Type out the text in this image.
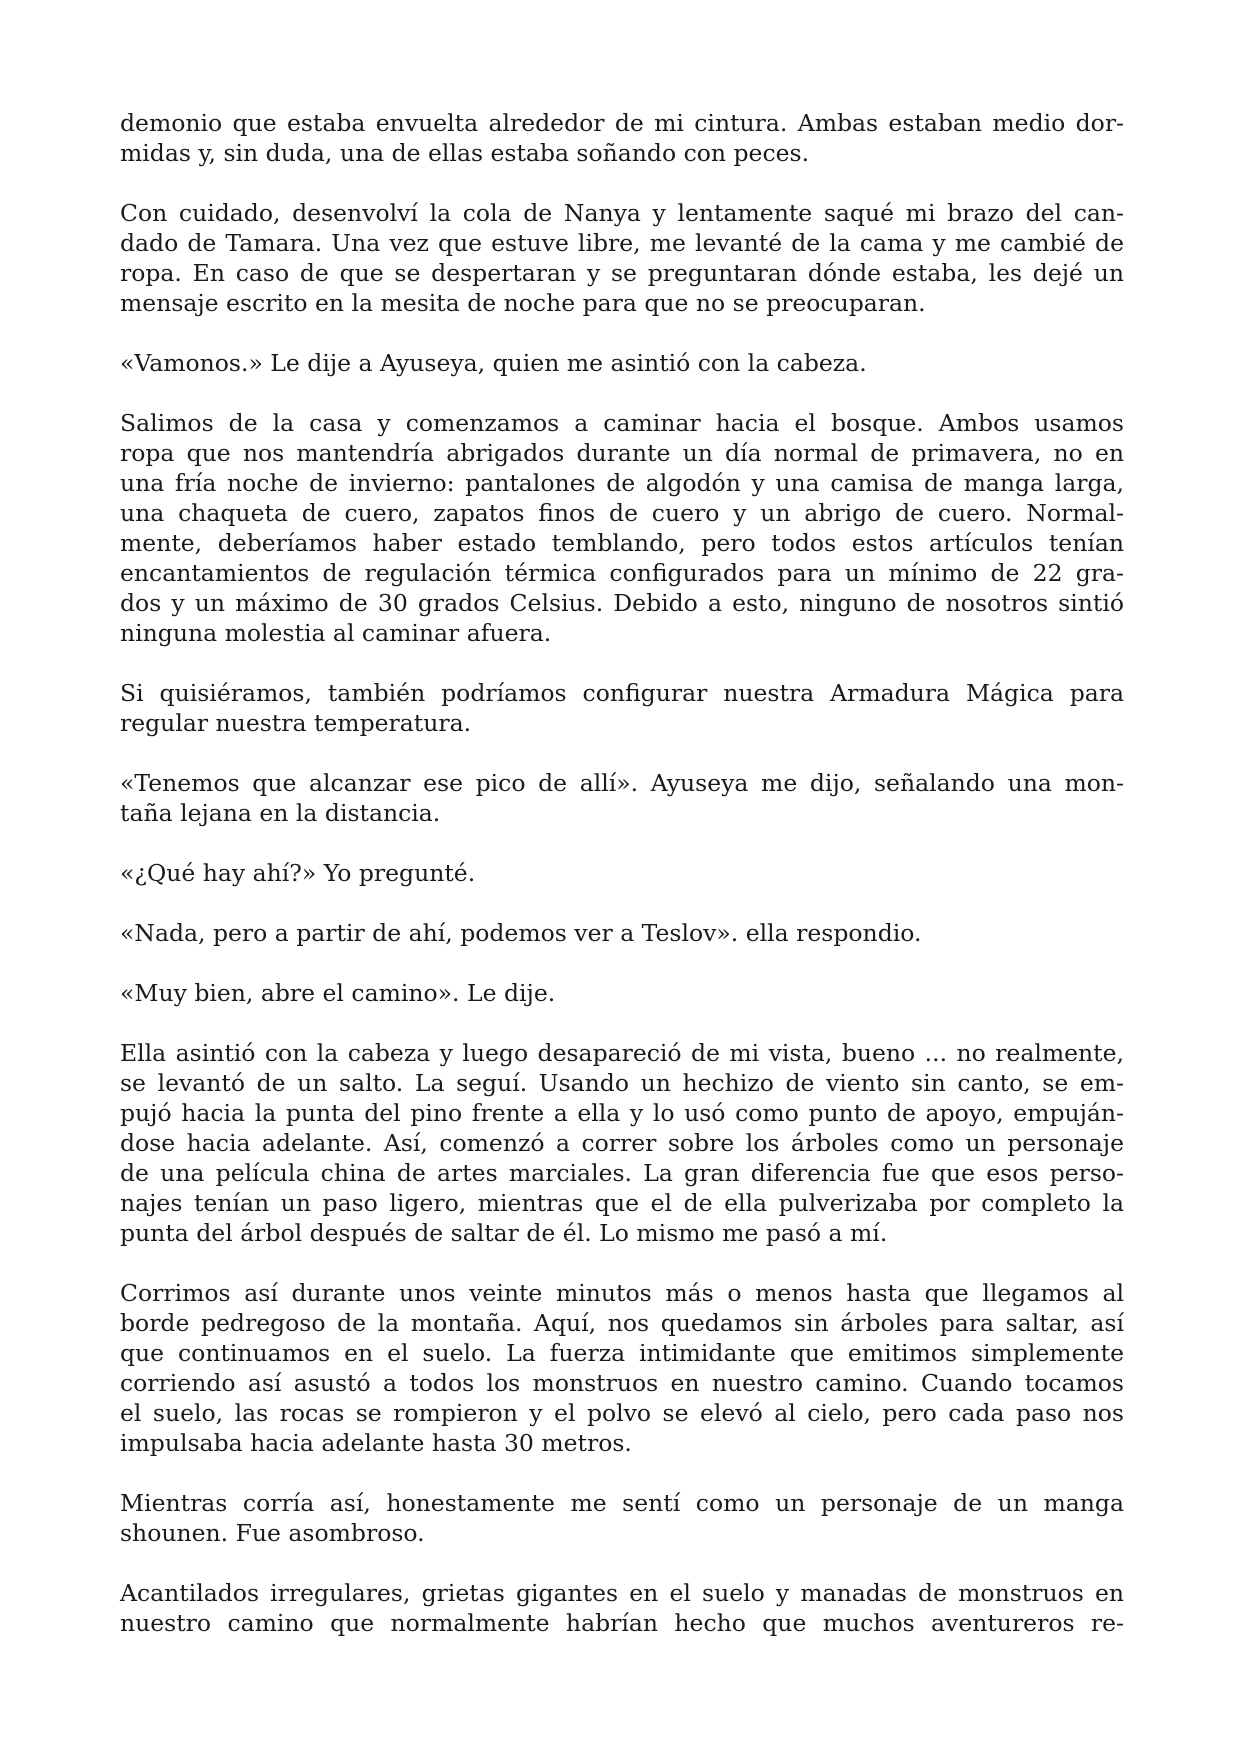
demonio que estaba envuelta alrededor de mi cintura. Ambas estaban medio dor-
midas y, sin duda, una de ellas estaba soñando con peces.
Con cuidado, desenvolví la cola de Nanya y lentamente saqué mi brazo del can-
dado de Tamara. Una vez que estuve libre, me levanté de la cama y me cambié de
ropa. En caso de que se despertaran y se preguntaran dónde estaba, les dejé un
mensaje escrito en la mesita de noche para que no se preocuparan.
«Vamonos.» Le dije a Ayuseya, quien me asintió con la cabeza.
Salimos de la casa y comenzamos a caminar hacia el bosque. Ambos usamos
ropa que nos mantendría abrigados durante un día normal de primavera, no en
una fría noche de invierno: pantalones de algodón y una camisa de manga larga,
una chaqueta de cuero, zapatos finos de cuero y un abrigo de cuero. Normal-
mente, deberíamos haber estado temblando, pero todos estos artículos tenían
encantamientos de regulación térmica configurados para un mínimo de 22 gra-
dos y un máximo de 30 grados Celsius. Debido a esto, ninguno de nosotros sintió
ninguna molestia al caminar afuera.
Si quisiéramos, también podríamos configurar nuestra Armadura Mágica para
regular nuestra temperatura.
«Tenemos que alcanzar ese pico de allí». Ayuseya me dijo, señalando una mon-
taña lejana en la distancia.
«¿Qué hay ahí?» Yo pregunté.
«Nada, pero a partir de ahí, podemos ver a Teslov». ella respondio.
«Muy bien, abre el camino». Le dije.
Ella asintió con la cabeza y luego desapareció de mi vista, bueno ... no realmente,
se levantó de un salto. La seguí. Usando un hechizo de viento sin canto, se em-
pujó hacia la punta del pino frente a ella y lo usó como punto de apoyo, empuján-
dose hacia adelante. Así, comenzó a correr sobre los árboles como un personaje
de una película china de artes marciales. La gran diferencia fue que esos perso-
najes tenían un paso ligero, mientras que el de ella pulverizaba por completo la
punta del árbol después de saltar de él. Lo mismo me pasó a mí.
Corrimos así durante unos veinte minutos más o menos hasta que llegamos al
borde pedregoso de la montaña. Aquí, nos quedamos sin árboles para saltar, así
que continuamos en el suelo. La fuerza intimidante que emitimos simplemente
corriendo así asustó a todos los monstruos en nuestro camino. Cuando tocamos
el suelo, las rocas se rompieron y el polvo se elevó al cielo, pero cada paso nos
impulsaba hacia adelante hasta 30 metros.
Mientras corría así, honestamente me sentí como un personaje de un manga
shounen. Fue asombroso.
Acantilados irregulares, grietas gigantes en el suelo y manadas de monstruos en
nuestro camino que normalmente habrían hecho que muchos aventureros re-
